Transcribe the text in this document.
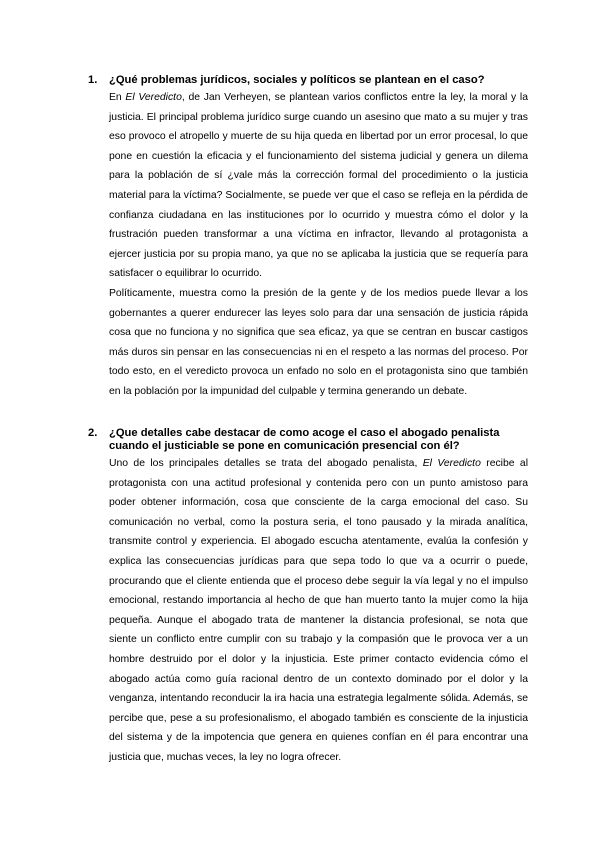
1.	¿Qué problemas jurídicos, sociales y políticos se plantean en el caso?

En El Veredicto, de Jan Verheyen, se plantean varios conflictos entre la ley, la moral y la justicia. El principal problema jurídico surge cuando un asesino que mato a su mujer y tras eso provoco el atropello y muerte de su hija queda en libertad por un error procesal, lo que pone en cuestión la eficacia y el funcionamiento del sistema judicial y genera un dilema para la población de sí ¿vale más la corrección formal del procedimiento o la justicia material para la víctima? Socialmente, se puede ver que el caso se refleja en la pérdida de confianza ciudadana en las instituciones por lo ocurrido y muestra cómo el dolor y la frustración pueden transformar a una víctima en infractor, llevando al protagonista a ejercer justicia por su propia mano, ya que no se aplicaba la justicia que se requería para satisfacer o equilibrar lo ocurrido.

Políticamente, muestra como la presión de la gente y de los medios puede llevar a los gobernantes a querer endurecer las leyes solo para dar una sensación de justicia rápida cosa que no funciona y no significa que sea eficaz, ya que se centran en buscar castigos más duros sin pensar en las consecuencias ni en el respeto a las normas del proceso. Por todo esto, en el veredicto provoca un enfado no solo en el protagonista sino que también en la población por la impunidad del culpable y termina generando un debate.

2.	¿Que detalles cabe destacar de como acoge el caso el abogado penalista cuando el justiciable se pone en comunicación presencial con él?

Uno de los principales detalles se trata del abogado penalista, El Veredicto recibe al protagonista con una actitud profesional y contenida pero con un punto amistoso para poder obtener información, cosa que consciente de la carga emocional del caso. Su comunicación no verbal, como la postura seria, el tono pausado y la mirada analítica, transmite control y experiencia. El abogado escucha atentamente, evalúa la confesión y explica las consecuencias jurídicas para que sepa todo lo que va a ocurrir o puede, procurando que el cliente entienda que el proceso debe seguir la vía legal y no el impulso emocional, restando importancia al hecho de que han muerto tanto la mujer como la hija pequeña. Aunque el abogado trata de mantener la distancia profesional, se nota que siente un conflicto entre cumplir con su trabajo y la compasión que le provoca ver a un hombre destruido por el dolor y la injusticia. Este primer contacto evidencia cómo el abogado actúa como guía racional dentro de un contexto dominado por el dolor y la venganza, intentando reconducir la ira hacia una estrategia legalmente sólida. Además, se percibe que, pese a su profesionalismo, el abogado también es consciente de la injusticia del sistema y de la impotencia que genera en quienes confían en él para encontrar una justicia que, muchas veces, la ley no logra ofrecer.
